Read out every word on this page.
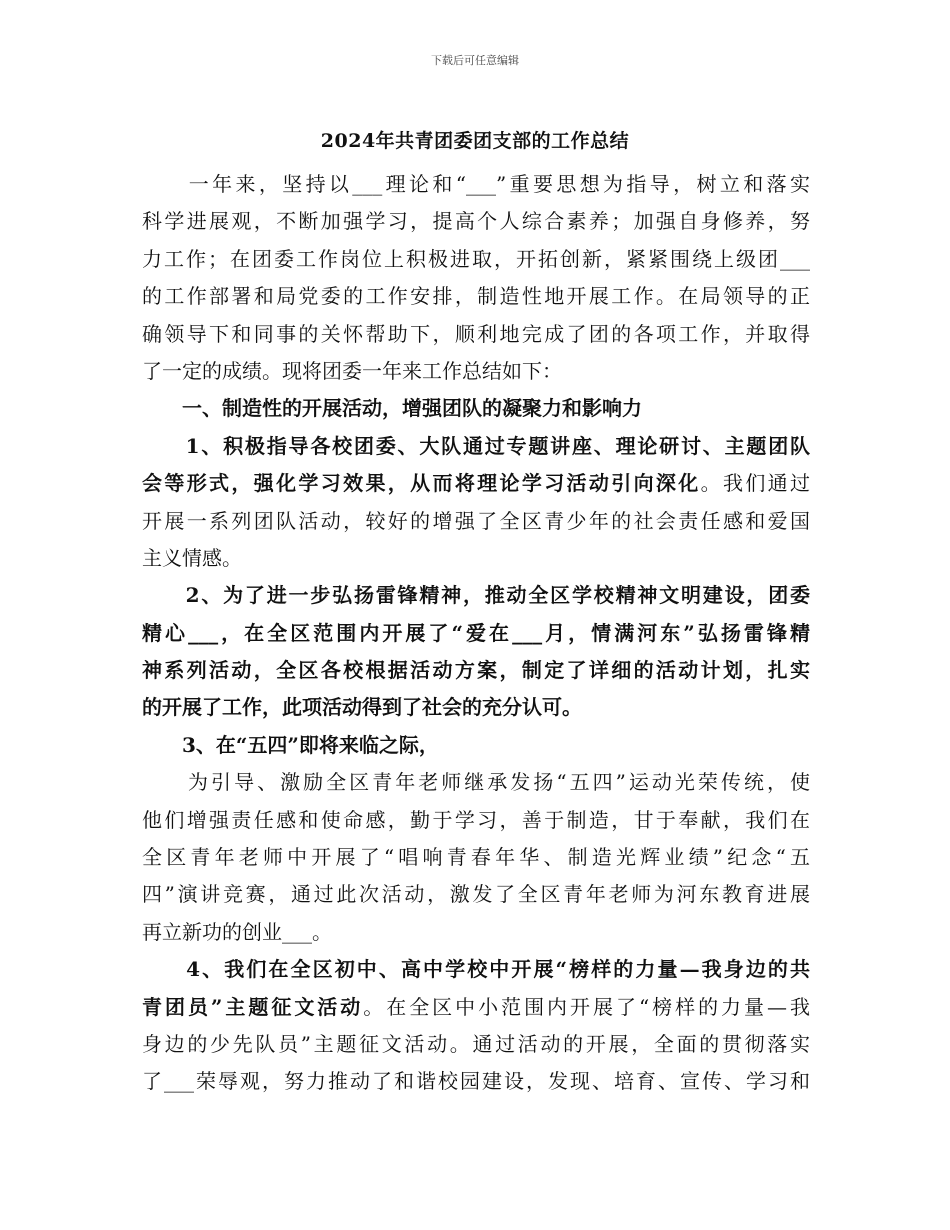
下载后可任意编辑
2024年共青团委团支部的工作总结
　　一年来，坚持以___理论和“___”重要思想为指导，树立和落实
科学进展观，不断加强学习，提高个人综合素养；加强自身修养，努
力工作；在团委工作岗位上积极进取，开拓创新，紧紧围绕上级团___
的工作部署和局党委的工作安排，制造性地开展工作。在局领导的正
确领导下和同事的关怀帮助下，顺利地完成了团的各项工作，并取得
了一定的成绩。现将团委一年来工作总结如下：
　　一、制造性的开展活动，增强团队的凝聚力和影响力
　　1、积极指导各校团委、大队通过专题讲座、理论研讨、主题团队
会等形式，强化学习效果，从而将理论学习活动引向深化。我们通过
开展一系列团队活动，较好的增强了全区青少年的社会责任感和爱国
主义情感。
　　2、为了进一步弘扬雷锋精神，推动全区学校精神文明建设，团委
精心___，在全区范围内开展了“爱在___月，情满河东”弘扬雷锋精
神系列活动，全区各校根据活动方案，制定了详细的活动计划，扎实
的开展了工作，此项活动得到了社会的充分认可。
　　3、在“五四”即将来临之际，
　　为引导、激励全区青年老师继承发扬“五四”运动光荣传统，使
他们增强责任感和使命感，勤于学习，善于制造，甘于奉献，我们在
全区青年老师中开展了“唱响青春年华、制造光辉业绩”纪念“五
四”演讲竞赛，通过此次活动，激发了全区青年老师为河东教育进展
再立新功的创业___。
　　4、我们在全区初中、高中学校中开展“榜样的力量—我身边的共
青团员”主题征文活动。在全区中小范围内开展了“榜样的力量—我
身边的少先队员”主题征文活动。通过活动的开展，全面的贯彻落实
了___荣辱观，努力推动了和谐校园建设，发现、培育、宣传、学习和
